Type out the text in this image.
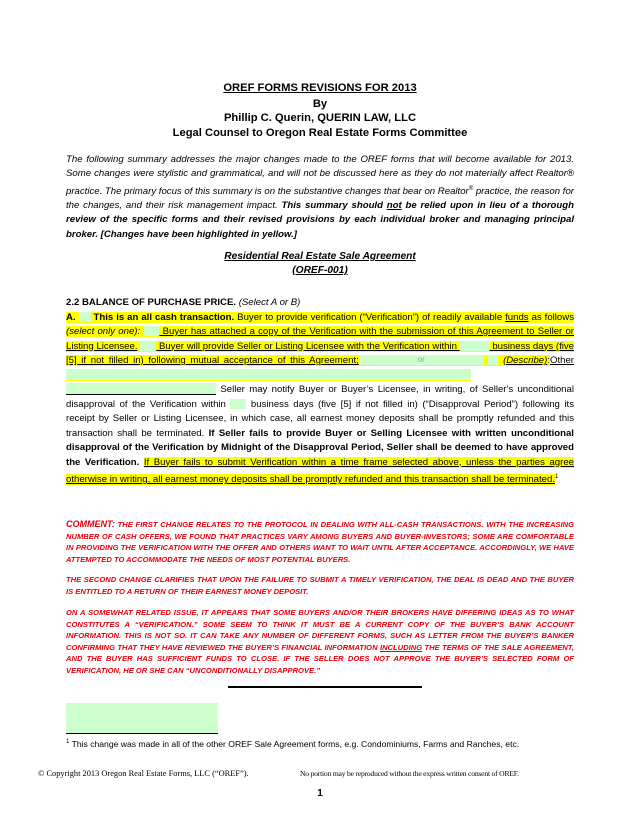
OREF FORMS REVISIONS FOR 2013
By
Phillip C. Querin, QUERIN LAW, LLC
Legal Counsel to Oregon Real Estate Forms Committee
The following summary addresses the major changes made to the OREF forms that will become available for 2013. Some changes were stylistic and grammatical, and will not be discussed here as they do not materially affect Realtor® practice. The primary focus of this summary is on the substantive changes that bear on Realtor® practice, the reason for the changes, and their risk management impact. This summary should not be relied upon in lieu of a thorough review of the specific forms and their revised provisions by each individual broker and managing principal broker. [Changes have been highlighted in yellow.]
Residential Real Estate Sale Agreement
(OREF-001)
2.2 BALANCE OF PURCHASE PRICE. (Select A or B)
A. This is an all cash transaction. Buyer to provide verification (“Verification”) of readily available funds as follows (select only one):  Buyer has attached a copy of the Verification with the submission of this Agreement to Seller or Listing Licensee.  Buyer will provide Seller or Listing Licensee with the Verification within	business days (five [5] if not filled in) following mutual acceptance of this Agreement;	or	Other
(Describe):
Seller may notify Buyer or Buyer’s Licensee, in writing, of Seller's unconditional disapproval of the Verification within  business days (five [5] if not filled in) (“Disapproval Period”) following its receipt by Seller or Listing Licensee, in which case, all earnest money deposits shall be promptly refunded and this transaction shall be terminated. If Seller fails to provide Buyer or Selling Licensee with written unconditional disapproval of the Verification by Midnight of the Disapproval Period, Seller shall be deemed to have approved the Verification. If Buyer fails to submit Verification within a time frame selected above, unless the parties agree otherwise in writing, all earnest money deposits shall be promptly refunded and this transaction shall be terminated.$^1$
COMMENT: THE FIRST CHANGE RELATES TO THE PROTOCOL IN DEALING WITH ALL-CASH TRANSACTIONS. WITH THE INCREASING NUMBER OF CASH OFFERS, WE FOUND THAT PRACTICES VARY AMONG BUYERS AND BUYER-INVESTORS; SOME ARE COMFORTABLE IN PROVIDING THE VERIFICATION WITH THE OFFER AND OTHERS WANT TO WAIT UNTIL AFTER ACCEPTANCE. ACCORDINGLY, WE HAVE ATTEMPTED TO ACCOMMODATE THE NEEDS OF MOST POTENTIAL BUYERS.
THE SECOND CHANGE CLARIFIES THAT UPON THE FAILURE TO SUBMIT A TIMELY VERIFICATION, THE DEAL IS DEAD AND THE BUYER IS ENTITLED TO A RETURN OF THEIR EARNEST MONEY DEPOSIT.
ON A SOMEWHAT RELATED ISSUE, IT APPEARS THAT SOME BUYERS AND/OR THEIR BROKERS HAVE DIFFERING IDEAS AS TO WHAT CONSTITUTES A “VERIFICATION.” SOME SEEM TO THINK IT MUST BE A CURRENT COPY OF THE BUYER’S BANK ACCOUNT INFORMATION. THIS IS NOT SO. IT CAN TAKE ANY NUMBER OF DIFFERENT FORMS, SUCH AS LETTER FROM THE BUYER’S BANKER CONFIRMING THAT THEY HAVE REVIEWED THE BUYER’S FINANCIAL INFORMATION INCLUDING THE TERMS OF THE SALE AGREEMENT, AND THE BUYER HAS SUFFICIENT FUNDS TO CLOSE. IF THE SELLER DOES NOT APPROVE THE BUYER’S SELECTED FORM OF VERIFICATION, HE OR SHE CAN “UNCONDITIONALLY DISAPPROVE.”
$^1$ This change was made in all of the other OREF Sale Agreement forms, e.g. Condominiums, Farms and Ranches, etc.
© Copyright 2013 Oregon Real Estate Forms, LLC (“OREF”).	No portion may be reproduced without the express written consent of OREF.
1
